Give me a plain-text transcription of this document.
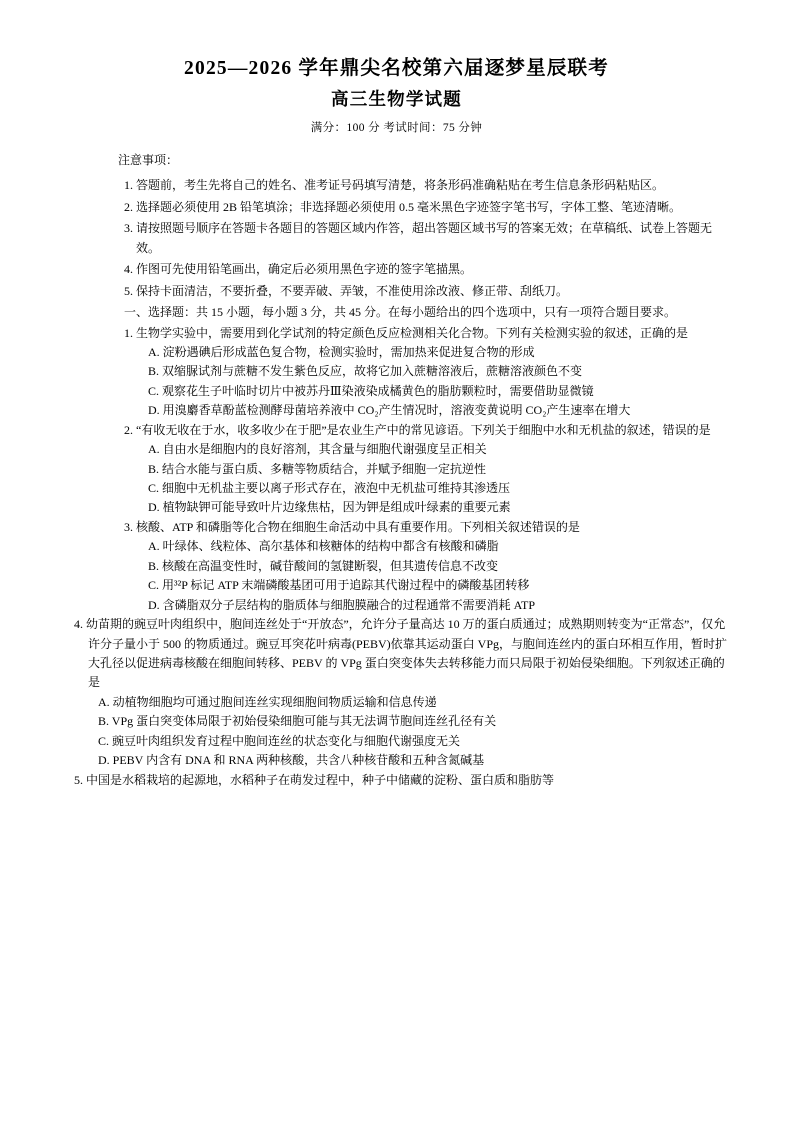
2025—2026 学年鼎尖名校第六届逐梦星辰联考
高三生物学试题
满分：100 分 考试时间：75 分钟
注意事项：
1. 答题前，考生先将自己的姓名、准考证号码填写清楚，将条形码准确粘贴在考生信息条形码粘贴区。
2. 选择题必须使用 2B 铅笔填涂；非选择题必须使用 0.5 毫米黑色字迹签字笔书写，字体工整、笔迹清晰。
3. 请按照题号顺序在答题卡各题目的答题区域内作答，超出答题区域书写的答案无效；在草稿纸、试卷上答题无效。
4. 作图可先使用铅笔画出，确定后必须用黑色字迹的签字笔描黑。
5. 保持卡面清洁，不要折叠，不要弄破、弄皱，不准使用涂改液、修正带、刮纸刀。
一、选择题：共 15 小题，每小题 3 分，共 45 分。在每小题给出的四个选项中，只有一项符合题目要求。
1. 生物学实验中，需要用到化学试剂的特定颜色反应检测相关化合物。下列有关检测实验的叙述，正确的是
A. 淀粉遇碘后形成蓝色复合物，检测实验时，需加热来促进复合物的形成
B. 双缩脲试剂与蔗糖不发生紫色反应，故将它加入蔗糖溶液后，蔗糖溶液颜色不变
C. 观察花生子叶临时切片中被苏丹Ⅲ染液染成橘黄色的脂肪颗粒时，需要借助显微镜
D. 用溴麝香草酚蓝检测酵母菌培养液中 CO₂产生情况时，溶液变黄说明 CO₂产生速率在增大
2. “有收无收在于水，收多收少在于肥”是农业生产中的常见谚语。下列关于细胞中水和无机盐的叙述，错误的是
A. 自由水是细胞内的良好溶剂，其含量与细胞代谢强度呈正相关
B. 结合水能与蛋白质、多糖等物质结合，并赋予细胞一定抗逆性
C. 细胞中无机盐主要以离子形式存在，液泡中无机盐可维持其渗透压
D. 植物缺钾可能导致叶片边缘焦枯，因为钾是组成叶绿素的重要元素
3. 核酸、ATP 和磷脂等化合物在细胞生命活动中具有重要作用。下列相关叙述错误的是
A. 叶绿体、线粒体、高尔基体和核糖体的结构中都含有核酸和磷脂
B. 核酸在高温变性时，碱苷酸间的氢键断裂，但其遗传信息不改变
C. 用³²P 标记 ATP 末端磷酸基团可用于追踪其代谢过程中的磷酸基团转移
D. 含磷脂双分子层结构的脂质体与细胞膜融合的过程通常不需要消耗 ATP
4. 幼苗期的豌豆叶肉组织中，胞间连丝处于“开放态”，允许分子量高达 10 万的蛋白质通过；成熟期则转变为“正常态”，仅允许分子量小于 500 的物质通过。豌豆耳突花叶病毒(PEBV)依靠其运动蛋白 VPg，与胞间连丝内的蛋白环相互作用，暂时扩大孔径以促进病毒核酸在细胞间转移、PEBV 的 VPg 蛋白突变体失去转移能力而只局限于初始侵染细胞。下列叙述正确的是
A. 动植物细胞均可通过胞间连丝实现细胞间物质运输和信息传递
B. VPg 蛋白突变体局限于初始侵染细胞可能与其无法调节胞间连丝孔径有关
C. 豌豆叶肉组织发育过程中胞间连丝的状态变化与细胞代谢强度无关
D. PEBV 内含有 DNA 和 RNA 两种核酸，共含八种核苷酸和五种含氮碱基
5. 中国是水稻栽培的起源地，水稻种子在萌发过程中，种子中储藏的淀粉、蛋白质和脂肪等
